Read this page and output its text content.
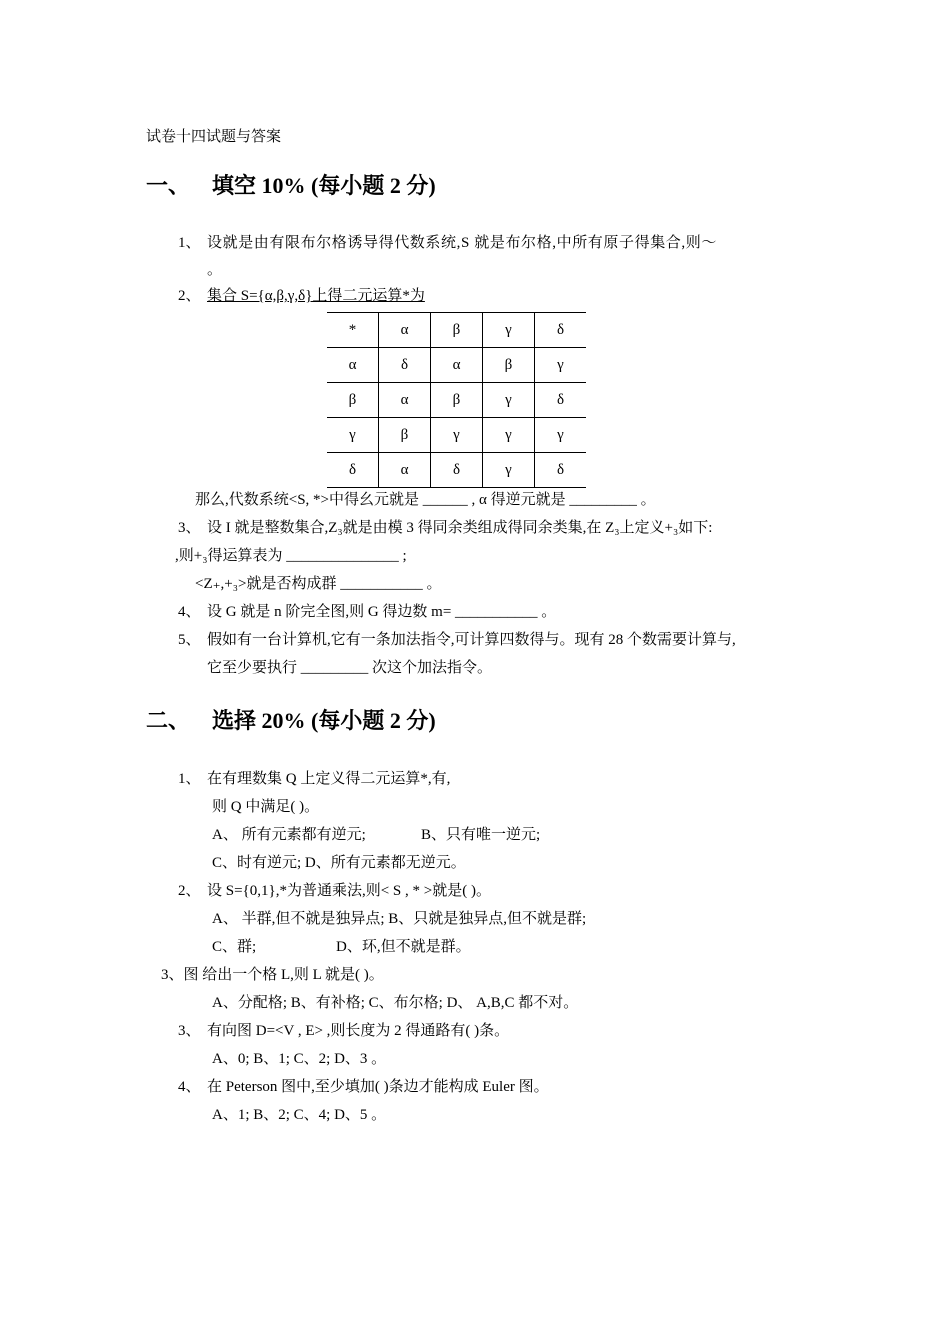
试卷十四试题与答案
一、 填空 10% (每小题 2 分)
1、 设就是由有限布尔格诱导得代数系统,S 就是布尔格,中所有原子得集合,则～
。
2、 集合 S={α,β,γ,δ}上得二元运算*为
*	α	β	γ	δ
α	δ	α	β	γ
β	α	β	γ	δ
γ	β	γ	γ	γ
δ	α	δ	γ	δ
那么,代数系统<S, *>中得幺元就是 ______ , α 得逆元就是 _________ 。
3、 设 I 就是整数集合,Z₃就是由模 3 得同余类组成得同余类集,在 Z₃上定义+₃如下:
,则+₃得运算表为 _______________ ;
<Z₊,+₃>就是否构成群 ___________ 。
4、 设 G 就是 n 阶完全图,则 G 得边数 m= ___________ 。
5、 假如有一台计算机,它有一条加法指令,可计算四数得与。现有 28 个数需要计算与,
它至少要执行 _________ 次这个加法指令。
二、 选择 20% (每小题 2 分)
1、 在有理数集 Q 上定义得二元运算*,有,
则 Q 中满足( )。
A、 所有元素都有逆元;	B、只有唯一逆元;
C、时有逆元; D、所有元素都无逆元。
2、 设 S={0,1},*为普通乘法,则< S , * >就是( )。
A、 半群,但不就是独异点; B、只就是独异点,但不就是群;
C、群;	D、环,但不就是群。
3、图 给出一个格 L,则 L 就是( )。
A、分配格; B、有补格; C、布尔格; D、 A,B,C 都不对。
3、 有向图 D=<V , E> ,则长度为 2 得通路有( )条。
A、0; B、1; C、2; D、3 。
4、 在 Peterson 图中,至少填加( )条边才能构成 Euler 图。
A、1; B、2; C、4; D、5 。
